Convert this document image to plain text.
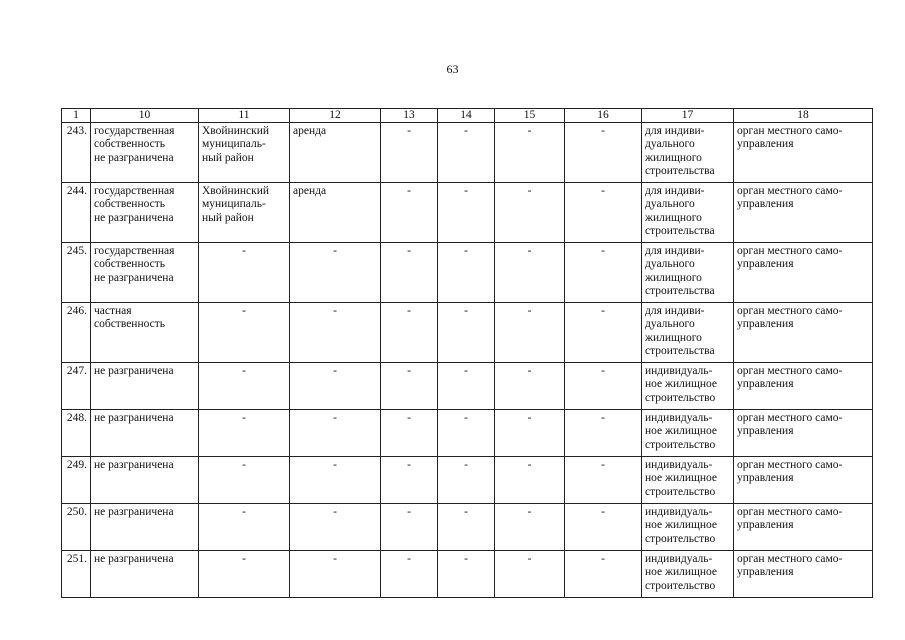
63
1	10	11	12	13	14	15	16	17	18
243.	государственная
собственность
не разграничена	Хвойнинский
муниципаль-
ный район	аренда	-	-	-	-	для индиви-
дуального
жилищного
строительства	орган местного само-
управления
244.	государственная
собственность
не разграничена	Хвойнинский
муниципаль-
ный район	аренда	-	-	-	-	для индиви-
дуального
жилищного
строительства	орган местного само-
управления
245.	государственная
собственность
не разграничена	-	-	-	-	-	-	для индиви-
дуального
жилищного
строительства	орган местного само-
управления
246.	частная
собственность	-	-	-	-	-	-	для индиви-
дуального
жилищного
строительства	орган местного само-
управления
247.	не разграничена	-	-	-	-	-	-	индивидуаль-
ное жилищное
строительство	орган местного само-
управления
248.	не разграничена	-	-	-	-	-	-	индивидуаль-
ное жилищное
строительство	орган местного само-
управления
249.	не разграничена	-	-	-	-	-	-	индивидуаль-
ное жилищное
строительство	орган местного само-
управления
250.	не разграничена	-	-	-	-	-	-	индивидуаль-
ное жилищное
строительство	орган местного само-
управления
251.	не разграничена	-	-	-	-	-	-	индивидуаль-
ное жилищное
строительство	орган местного само-
управления
